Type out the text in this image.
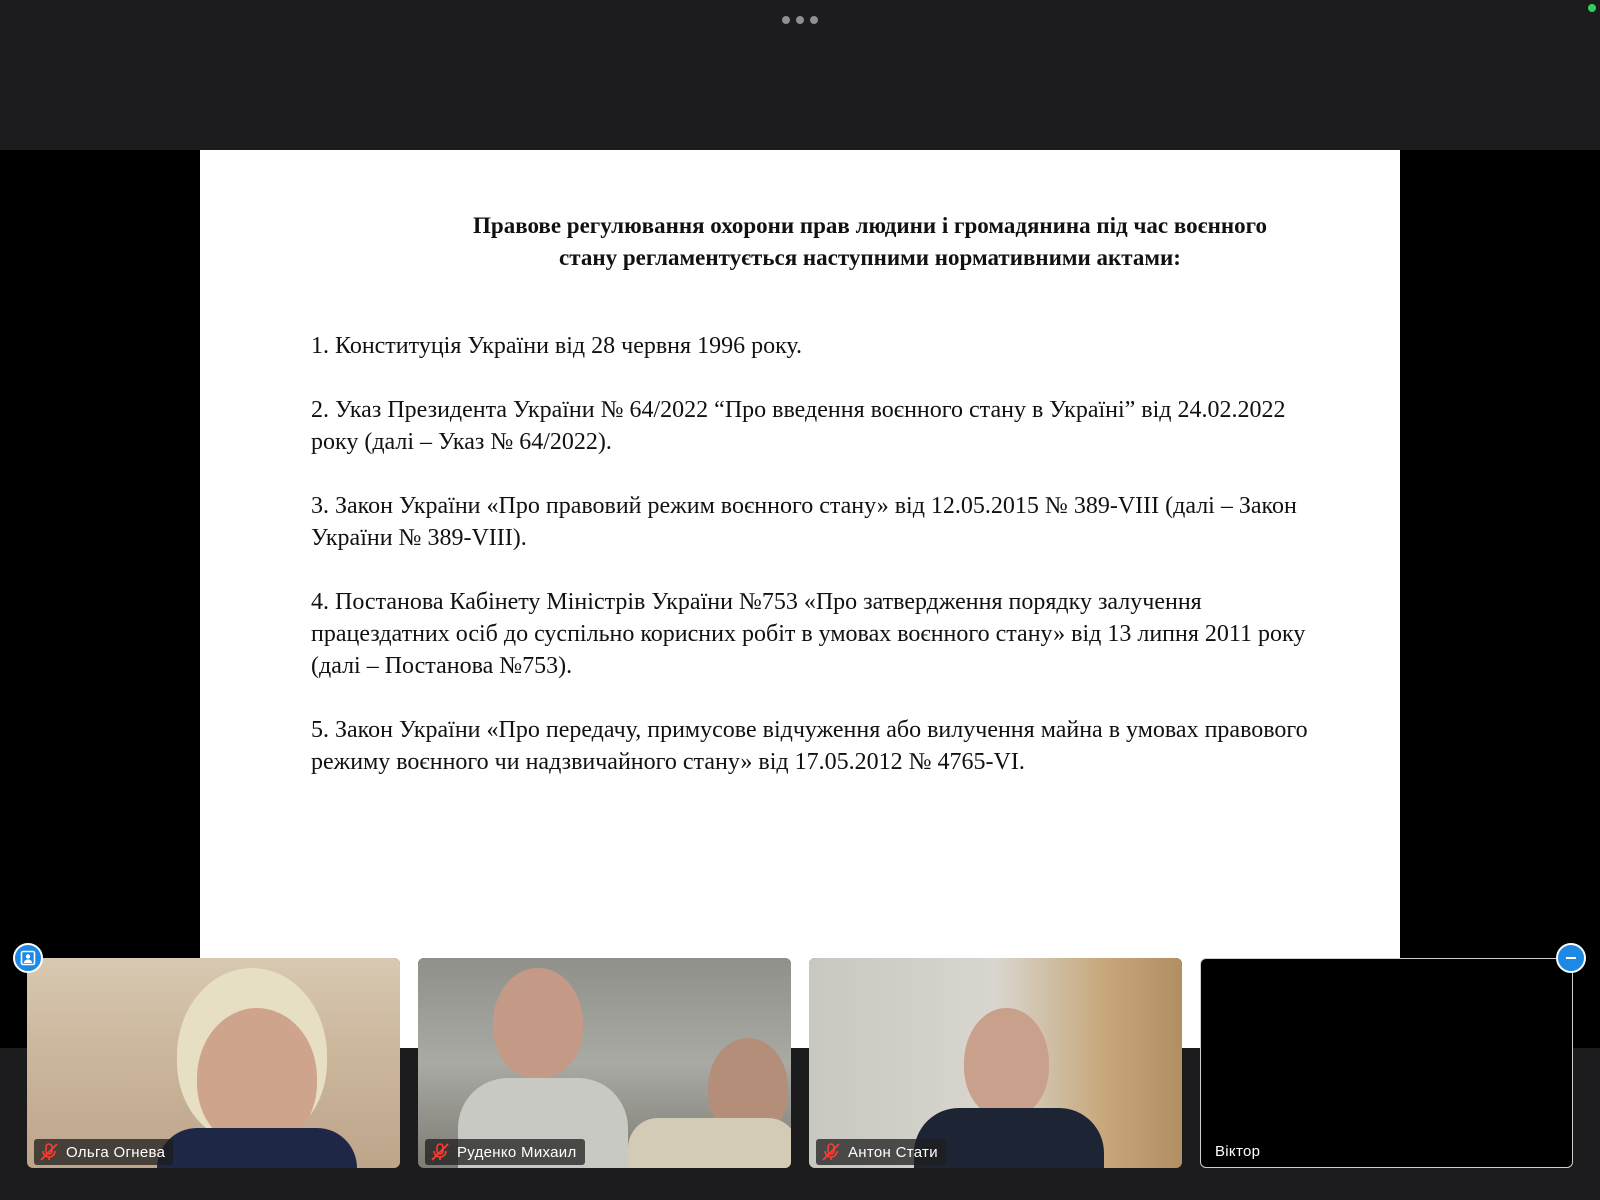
Правове регулювання охорони прав людини і громадянина під час воєнного
стану регламентується наступними нормативними актами:

1. Конституція України від 28 червня 1996 року.

2. Указ Президента України № 64/2022 “Про введення воєнного стану в Україні” від 24.02.2022 року (далі – Указ № 64/2022).

3. Закон України «Про правовий режим воєнного стану» від 12.05.2015 № 389-VIII (далі – Закон України № 389-VIII).

4. Постанова Кабінету Міністрів України №753 «Про затвердження порядку залучення працездатних осіб до суспільно корисних робіт в умовах воєнного стану» від 13 липня 2011 року (далі – Постанова №753).

5. Закон України «Про передачу, примусове відчуження або вилучення майна в умовах правового режиму воєнного чи надзвичайного стану» від 17.05.2012 № 4765-VI.

Ольга Огнева	Руденко Михаил	Антон Стати	Віктор
